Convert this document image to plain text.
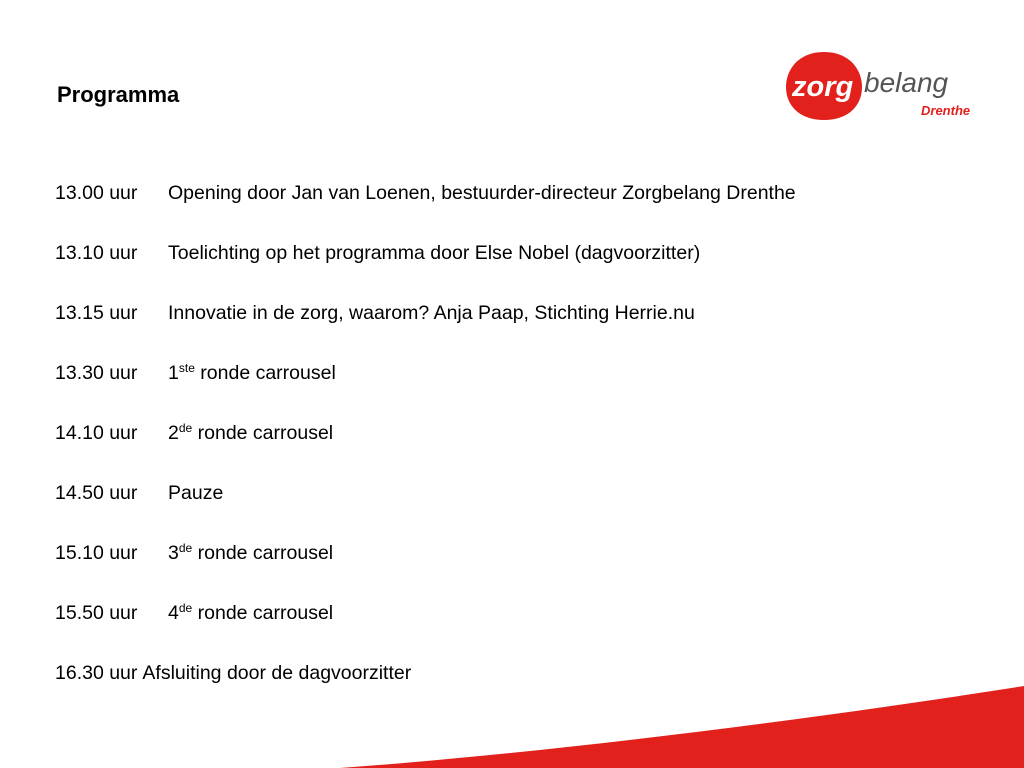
Programma	zorg belang
Drenthe
13.00 uur Opening door Jan van Loenen, bestuurder-directeur Zorgbelang Drenthe
13.10 uur Toelichting op het programma door Else Nobel (dagvoorzitter)
13.15 uur Innovatie in de zorg, waarom? Anja Paap, Stichting Herrie.nu
13.30 uur 1ste ronde carrousel
14.10 uur 2de ronde carrousel
14.50 uur Pauze
15.10 uur 3de ronde carrousel
15.50 uur 4de ronde carrousel
16.30 uur Afsluiting door de dagvoorzitter
